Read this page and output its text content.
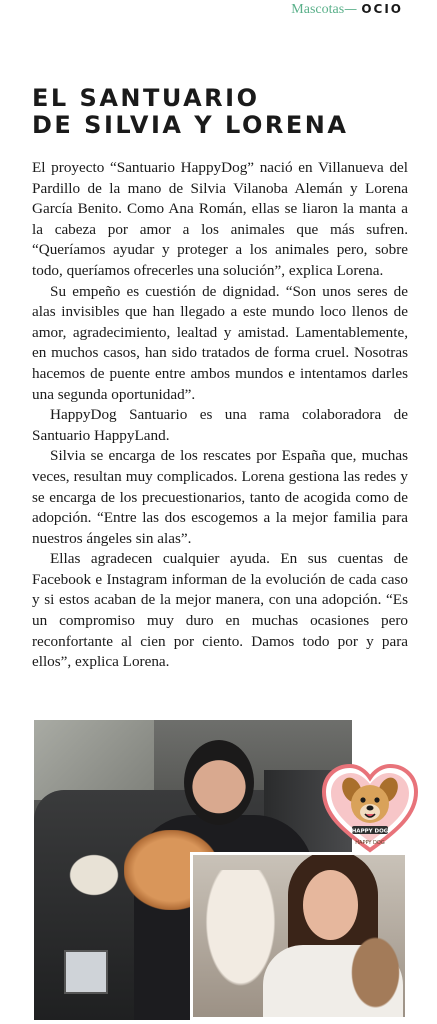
Mascotas— OCIO
EL SANTUARIO
DE SILVIA Y LORENA

El proyecto “Santuario HappyDog” nació en Villanueva del Pardillo de la mano de Silvia Vilanoba Alemán y Lorena García Benito. Como Ana Román, ellas se liaron la manta a la cabeza por amor a los animales que más sufren. “Queríamos ayudar y proteger a los animales pero, sobre todo, queríamos ofrecerles una solución”, explica Lorena.

Su empeño es cuestión de dignidad. “Son unos seres de alas invisibles que han llegado a este mundo loco llenos de amor, agradecimiento, lealtad y amistad. Lamentablemente, en muchos casos, han sido tratados de forma cruel. Nosotras hacemos de puente entre ambos mundos e intentamos darles una segunda oportunidad”.

HappyDog Santuario es una rama colaboradora de Santuario HappyLand.

Silvia se encarga de los rescates por España que, muchas veces, resultan muy complicados. Lorena gestiona las redes y se encarga de los precuestionarios, tanto de acogida como de adopción. “Entre las dos escogemos a la mejor familia para nuestros ángeles sin alas”.

Ellas agradecen cualquier ayuda. En sus cuentas de Facebook e Instagram informan de la evolución de cada caso y si estos acaban de la mejor manera, con una adopción. “Es un compromiso muy duro en muchas ocasiones pero reconfortante al cien por ciento. Damos todo por y para ellos”, explica Lorena.

HAPPY DOG
HAPPY DOG
